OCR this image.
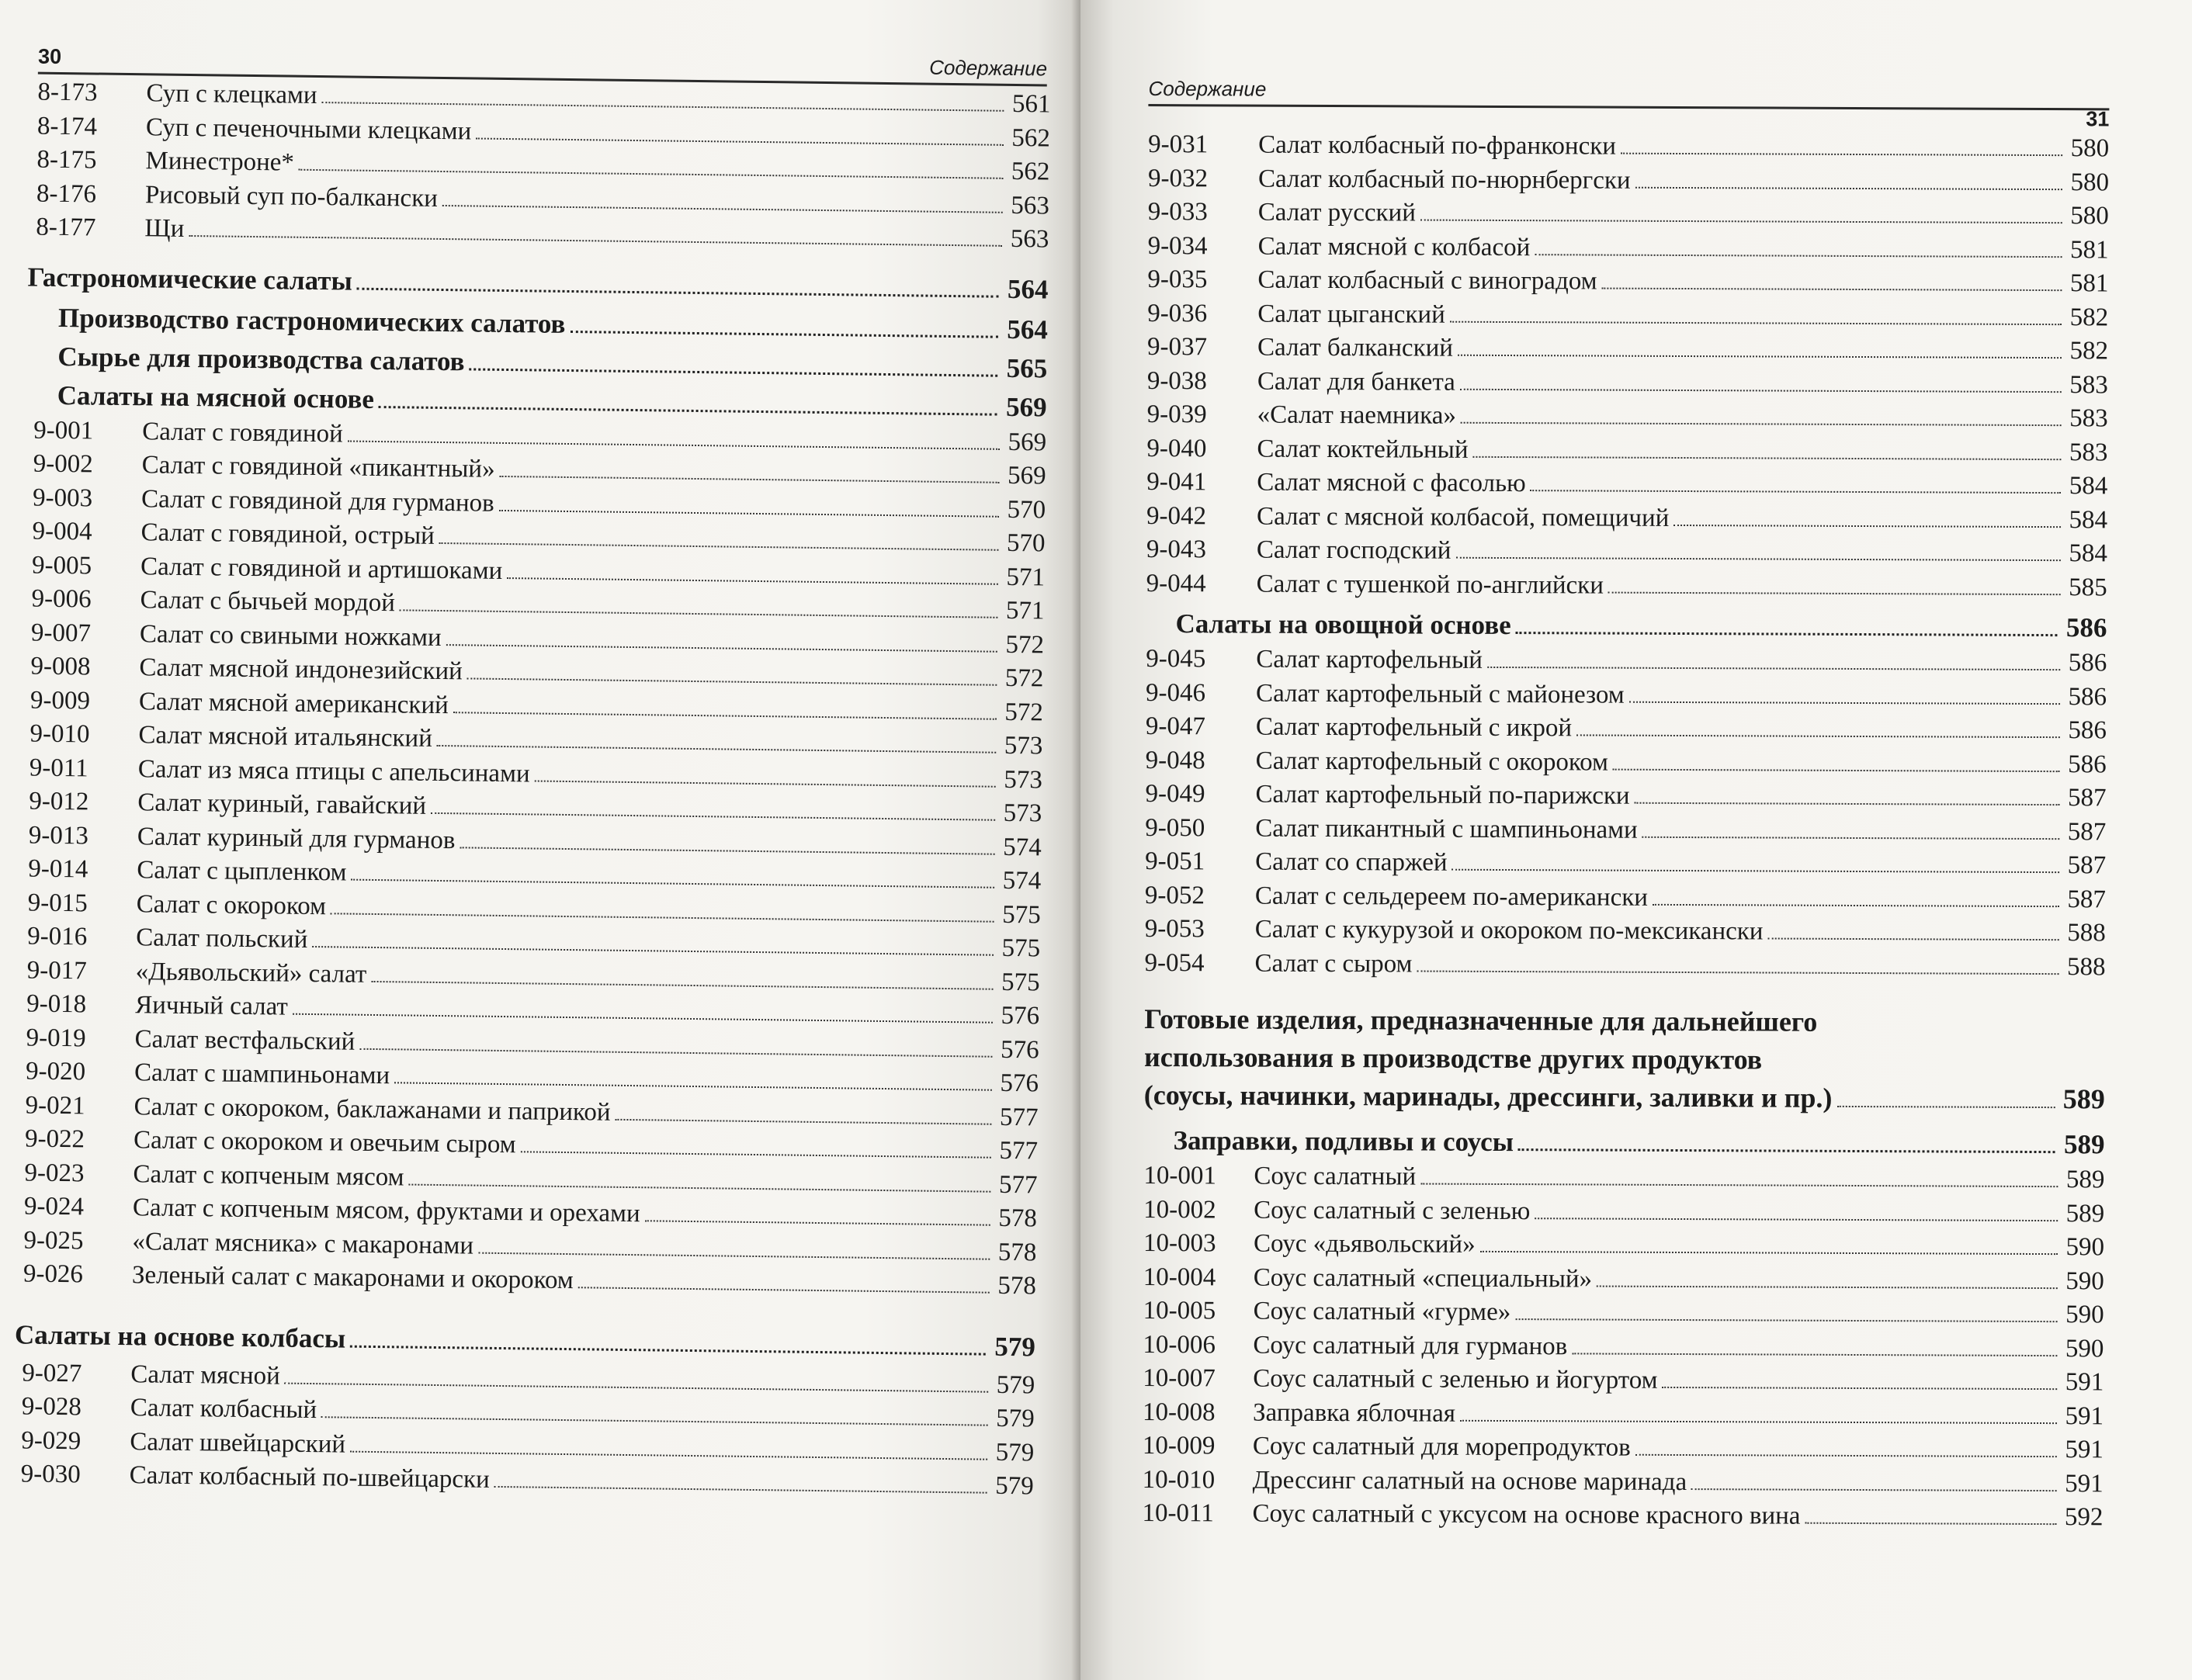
30	Содержание
8-173	Суп с клецками	561
8-174	Суп с печеночными клецками	562
8-175	Минестроне*	562
8-176	Рисовый суп по-балкански	563
8-177	Щи	563
Гастрономические салаты	564
Производство гастрономических салатов	564
Сырье для производства салатов	565
Салаты на мясной основе	569
9-001	Салат с говядиной	569
9-002	Салат с говядиной «пикантный»	569
9-003	Салат с говядиной для гурманов	570
9-004	Салат с говядиной, острый	570
9-005	Салат с говядиной и артишоками	571
9-006	Салат с бычьей мордой	571
9-007	Салат со свиными ножками	572
9-008	Салат мясной индонезийский	572
9-009	Салат мясной американский	572
9-010	Салат мясной итальянский	573
9-011	Салат из мяса птицы с апельсинами	573
9-012	Салат куриный, гавайский	573
9-013	Салат куриный для гурманов	574
9-014	Салат с цыпленком	574
9-015	Салат с окороком	575
9-016	Салат польский	575
9-017	«Дьявольский» салат	575
9-018	Яичный салат	576
9-019	Салат вестфальский	576
9-020	Салат с шампиньонами	576
9-021	Салат с окороком, баклажанами и паприкой	577
9-022	Салат с окороком и овечьим сыром	577
9-023	Салат с копченым мясом	577
9-024	Салат с копченым мясом, фруктами и орехами	578
9-025	«Салат мясника» с макаронами	578
9-026	Зеленый салат с макаронами и окороком	578
Салаты на основе колбасы	579
9-027	Салат мясной	579
9-028	Салат колбасный	579
9-029	Салат швейцарский	579
9-030	Салат колбасный по-швейцарски	579
Содержание
31
9-031	Салат колбасный по-франконски	580
9-032	Салат колбасный по-нюрнбергски	580
9-033	Салат русский	580
9-034	Салат мясной с колбасой	581
9-035	Салат колбасный с виноградом	581
9-036	Салат цыганский	582
9-037	Салат балканский	582
9-038	Салат для банкета	583
9-039	«Салат наемника»	583
9-040	Салат коктейльный	583
9-041	Салат мясной с фасолью	584
9-042	Салат с мясной колбасой, помещичий	584
9-043	Салат господский	584
9-044	Салат с тушенкой по-английски	585
Салаты на овощной основе	586
9-045	Салат картофельный	586
9-046	Салат картофельный с майонезом	586
9-047	Салат картофельный с икрой	586
9-048	Салат картофельный с окороком	586
9-049	Салат картофельный по-парижски	587
9-050	Салат пикантный с шампиньонами	587
9-051	Салат со спаржей	587
9-052	Салат с сельдереем по-американски	587
9-053	Салат с кукурузой и окороком по-мексикански	588
9-054	Салат с сыром	588
Готовые изделия, предназначенные для дальнейшего
использования в производстве других продуктов
(соусы, начинки, маринады, дрессинги, заливки и пр.)	589
Заправки, подливы и соусы	589
10-001	Соус салатный	589
10-002	Соус салатный с зеленью	589
10-003	Соус «дьявольский»	590
10-004	Соус салатный «специальный»	590
10-005	Соус салатный «гурме»	590
10-006	Соус салатный для гурманов	590
10-007	Соус салатный с зеленью и йогуртом	591
10-008	Заправка яблочная	591
10-009	Соус салатный для морепродуктов	591
10-010	Дрессинг салатный на основе маринада	591
10-011	Соус салатный с уксусом на основе красного вина	592
